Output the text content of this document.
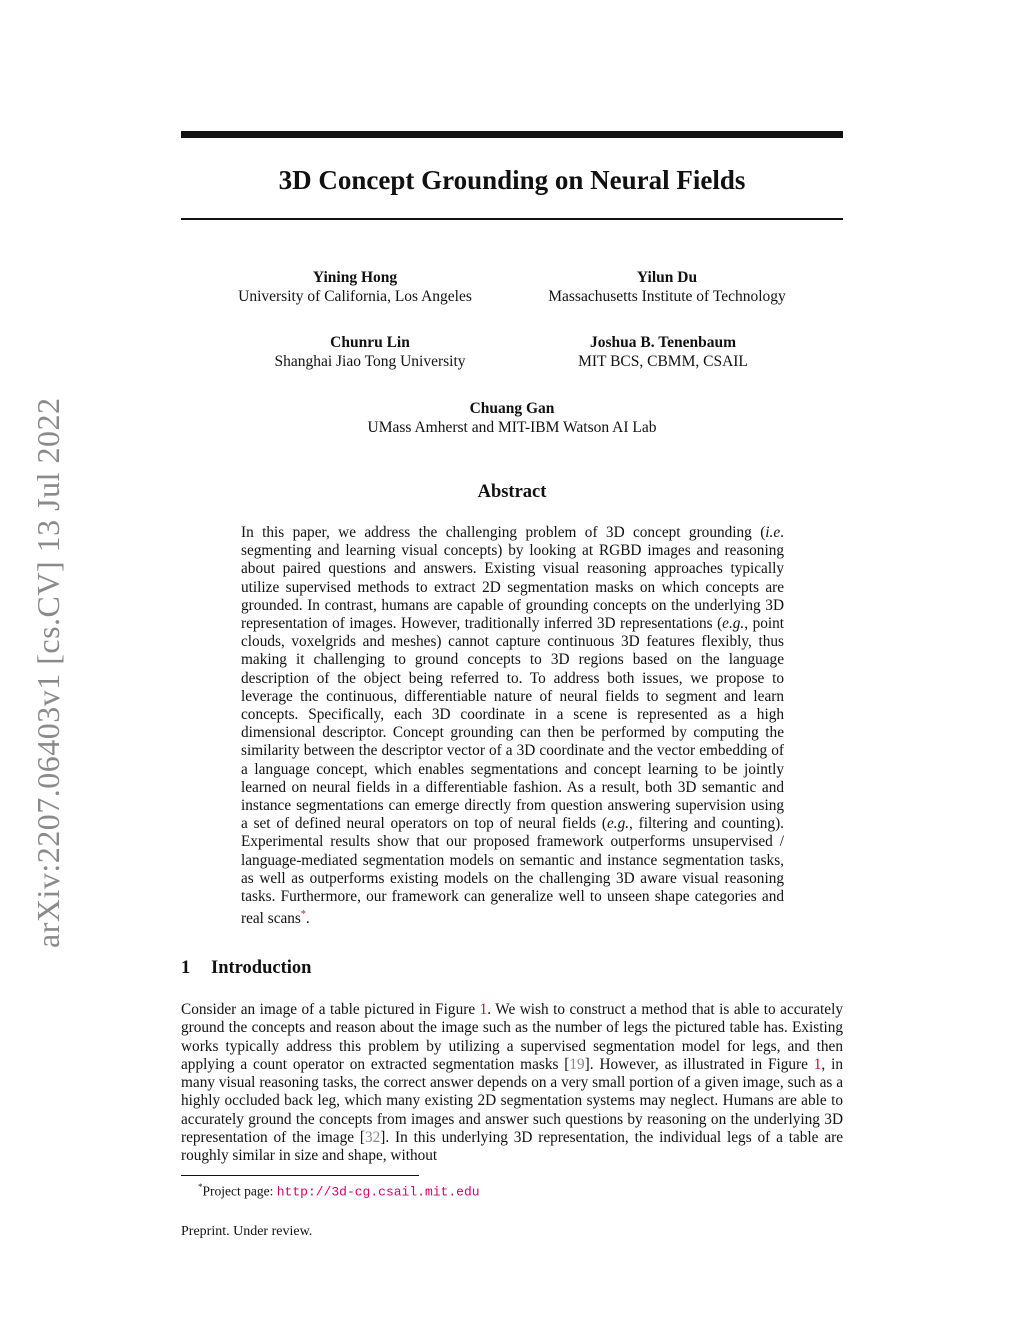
arXiv:2207.06403v1 [cs.CV] 13 Jul 2022
3D Concept Grounding on Neural Fields
Yining Hong
University of California, Los Angeles
Yilun Du
Massachusetts Institute of Technology
Chunru Lin
Shanghai Jiao Tong University
Joshua B. Tenenbaum
MIT BCS, CBMM, CSAIL
Chuang Gan
UMass Amherst and MIT-IBM Watson AI Lab
Abstract
In this paper, we address the challenging problem of 3D concept grounding (i.e. segmenting and learning visual concepts) by looking at RGBD images and reasoning about paired questions and answers. Existing visual reasoning approaches typically utilize supervised methods to extract 2D segmentation masks on which concepts are grounded. In contrast, humans are capable of grounding concepts on the underlying 3D representation of images. However, traditionally inferred 3D representations (e.g., point clouds, voxelgrids and meshes) cannot capture continuous 3D features flexibly, thus making it challenging to ground concepts to 3D regions based on the language description of the object being referred to. To address both issues, we propose to leverage the continuous, differentiable nature of neural fields to segment and learn concepts. Specifically, each 3D coordinate in a scene is represented as a high dimensional descriptor. Concept grounding can then be performed by computing the similarity between the descriptor vector of a 3D coordinate and the vector embedding of a language concept, which enables segmentations and concept learning to be jointly learned on neural fields in a differentiable fashion. As a result, both 3D semantic and instance segmentations can emerge directly from question answering supervision using a set of defined neural operators on top of neural fields (e.g., filtering and counting). Experimental results show that our proposed framework outperforms unsupervised / language-mediated segmentation models on semantic and instance segmentation tasks, as well as outperforms existing models on the challenging 3D aware visual reasoning tasks. Furthermore, our framework can generalize well to unseen shape categories and real scans*.
1 Introduction
Consider an image of a table pictured in Figure 1. We wish to construct a method that is able to accurately ground the concepts and reason about the image such as the number of legs the pictured table has. Existing works typically address this problem by utilizing a supervised segmentation model for legs, and then applying a count operator on extracted segmentation masks [19]. However, as illustrated in Figure 1, in many visual reasoning tasks, the correct answer depends on a very small portion of a given image, such as a highly occluded back leg, which many existing 2D segmentation systems may neglect. Humans are able to accurately ground the concepts from images and answer such questions by reasoning on the underlying 3D representation of the image [32]. In this underlying 3D representation, the individual legs of a table are roughly similar in size and shape, without
*Project page: http://3d-cg.csail.mit.edu
Preprint. Under review.
